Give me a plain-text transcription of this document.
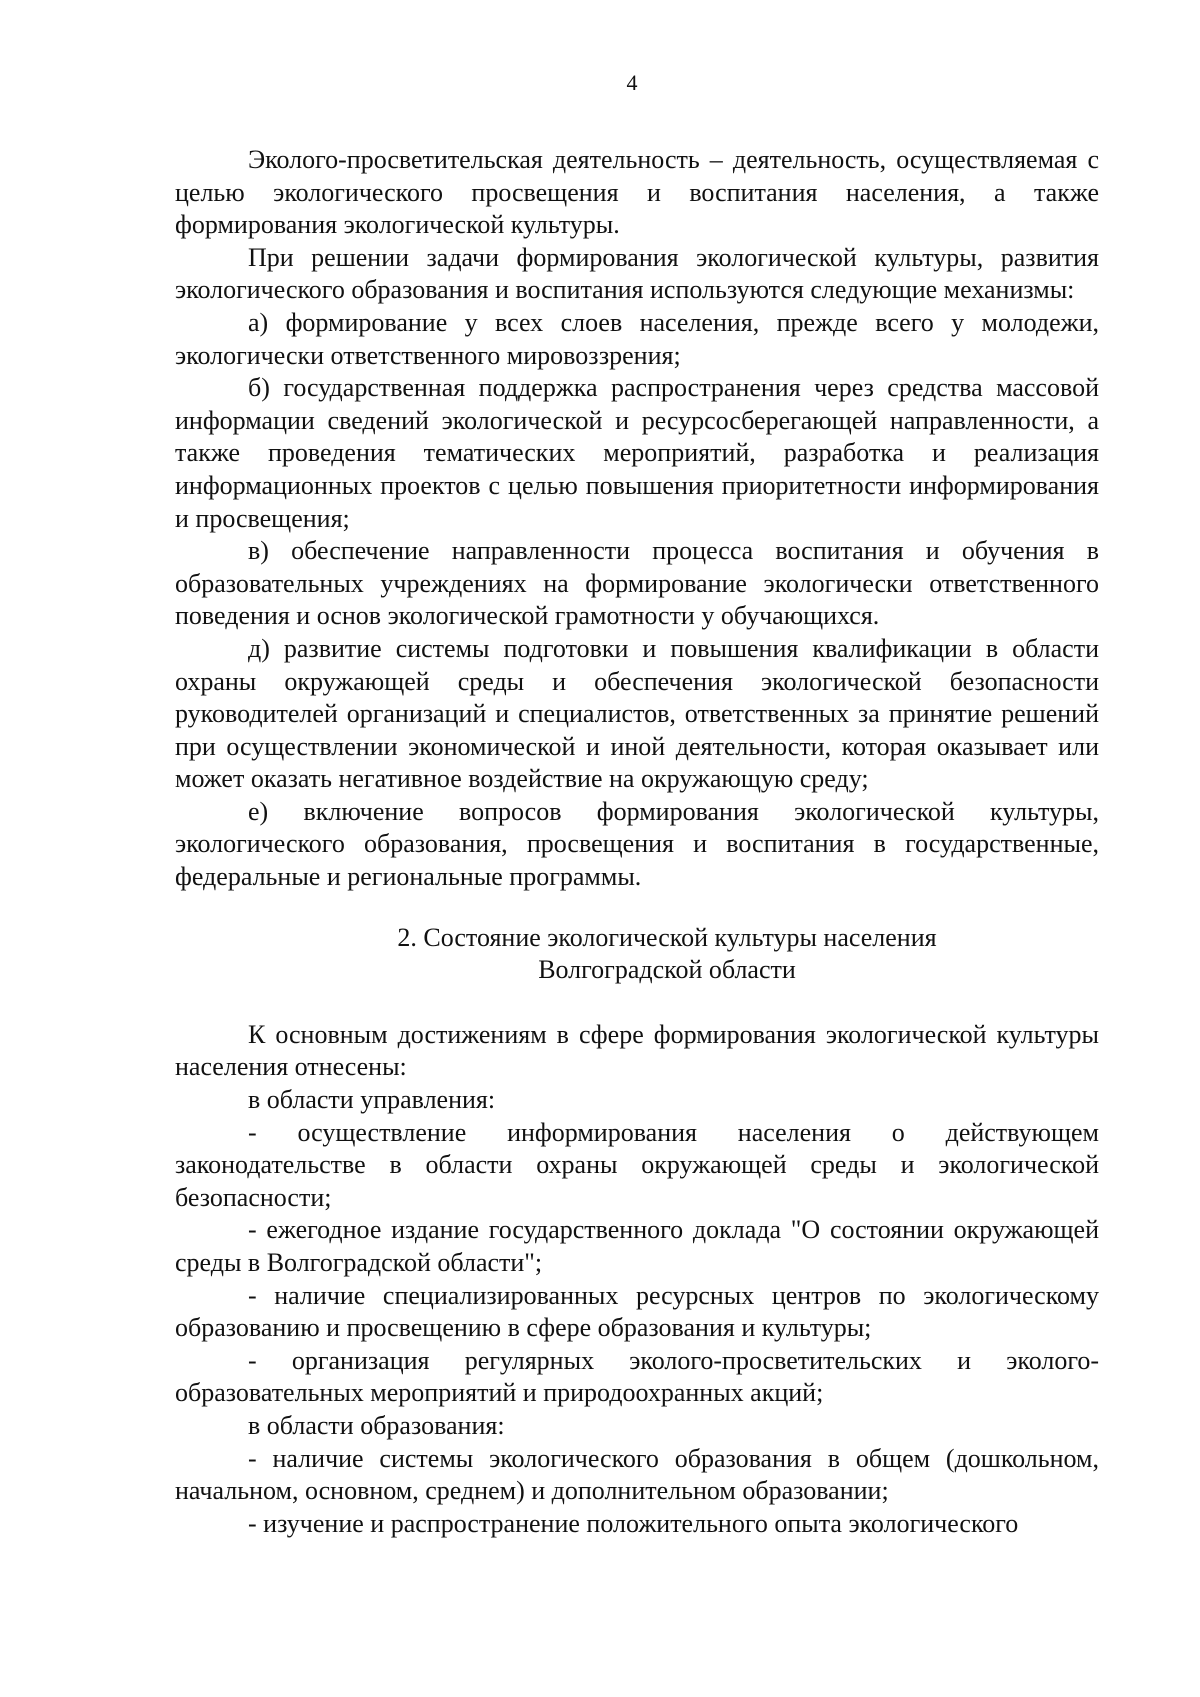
4

Эколого-просветительская деятельность – деятельность, осуществляемая с целью экологического просвещения и воспитания населения, а также формирования экологической культуры.

При решении задачи формирования экологической культуры, развития экологического образования и воспитания используются следующие механизмы:

а) формирование у всех слоев населения, прежде всего у молодежи, экологически ответственного мировоззрения;

б) государственная поддержка распространения через средства массовой информации сведений экологической и ресурсосберегающей направленности, а также проведения тематических мероприятий, разработка и реализация информационных проектов с целью повышения приоритетности информирования и просвещения;

в) обеспечение направленности процесса воспитания и обучения в образовательных учреждениях на формирование экологически ответственного поведения и основ экологической грамотности у обучающихся.

д) развитие системы подготовки и повышения квалификации в области охраны окружающей среды и обеспечения экологической безопасности руководителей организаций и специалистов, ответственных за принятие решений при осуществлении экономической и иной деятельности, которая оказывает или может оказать негативное воздействие на окружающую среду;

е) включение вопросов формирования экологической культуры, экологического образования, просвещения и воспитания в государственные, федеральные и региональные программы.

2. Состояние экологической культуры населения
Волгоградской области

К основным достижениям в сфере формирования экологической культуры населения отнесены:

в области управления:

- осуществление информирования населения о действующем законодательстве в области охраны окружающей среды и экологической безопасности;

- ежегодное издание государственного доклада "О состоянии окружающей среды в Волгоградской области";

- наличие специализированных ресурсных центров по экологическому образованию и просвещению в сфере образования и культуры;

- организация регулярных эколого-просветительских и эколого-образовательных мероприятий и природоохранных акций;

в области образования:

- наличие системы экологического образования в общем (дошкольном, начальном, основном, среднем) и дополнительном образовании;

- изучение и распространение положительного опыта экологического
